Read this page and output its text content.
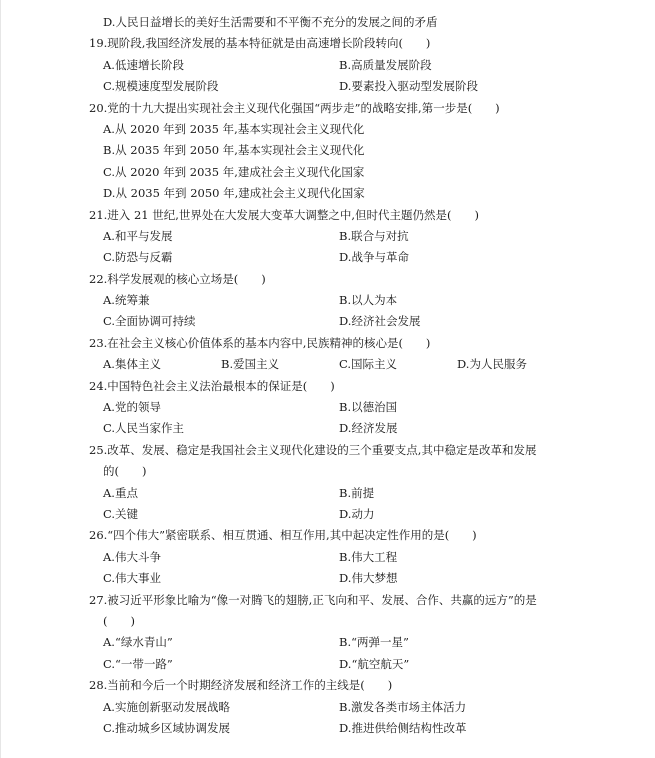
D.人民日益增长的美好生活需要和不平衡不充分的发展之间的矛盾
19.现阶段,我国经济发展的基本特征就是由高速增长阶段转向(　　)
A.低速增长阶段	B.高质量发展阶段
C.规模速度型发展阶段	D.要素投入驱动型发展阶段
20.党的十九大提出实现社会主义现代化强国“两步走”的战略安排,第一步是(　　)
A.从 2020 年到 2035 年,基本实现社会主义现代化
B.从 2035 年到 2050 年,基本实现社会主义现代化
C.从 2020 年到 2035 年,建成社会主义现代化国家
D.从 2035 年到 2050 年,建成社会主义现代化国家
21.进入 21 世纪,世界处在大发展大变革大调整之中,但时代主题仍然是(　　)
A.和平与发展	B.联合与对抗
C.防恐与反霸	D.战争与革命
22.科学发展观的核心立场是(　　)
A.统筹兼	B.以人为本
C.全面协调可持续	D.经济社会发展
23.在社会主义核心价值体系的基本内容中,民族精神的核心是(　　)
A.集体主义	B.爱国主义	C.国际主义	D.为人民服务
24.中国特色社会主义法治最根本的保证是(　　)
A.党的领导	B.以德治国
C.人民当家作主	D.经济发展
25.改革、发展、稳定是我国社会主义现代化建设的三个重要支点,其中稳定是改革和发展
的(　　)
A.重点	B.前提
C.关键	D.动力
26.“四个伟大”紧密联系、相互贯通、相互作用,其中起决定性作用的是(　　)
A.伟大斗争	B.伟大工程
C.伟大事业	D.伟大梦想
27.被习近平形象比喻为“像一对腾飞的翅膀,正飞向和平、发展、合作、共赢的远方”的是
(　　)
A.“绿水青山”	B.“两弹一星”
C.“一带一路”	D.“航空航天”
28.当前和今后一个时期经济发展和经济工作的主线是(　　)
A.实施创新驱动发展战略	B.激发各类市场主体活力
C.推动城乡区域协调发展	D.推进供给侧结构性改革
